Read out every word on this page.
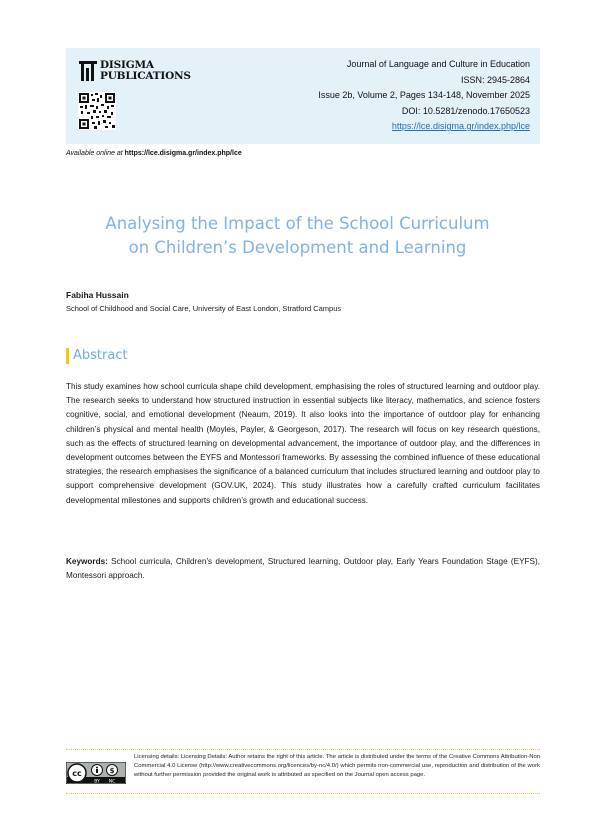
DISIGMA
PUBLICATIONS
Journal of Language and Culture in Education
ISSN: 2945-2864
Issue 2b, Volume 2, Pages 134-148, November 2025
DOI: 10.5281/zenodo.17650523
https://lce.disigma.gr/index.php/lce
Available online at https://lce.disigma.gr/index.php/lce
Analysing the Impact of the School Curriculum
on Children’s Development and Learning
Fabiha Hussain
School of Childhood and Social Care, University of East London, Stratford Campus
Abstract
This study examines how school curricula shape child development, emphasising the roles of structured learning and outdoor play. The research seeks to understand how structured instruction in essential subjects like literacy, mathematics, and science fosters cognitive, social, and emotional development (Neaum, 2019). It also looks into the importance of outdoor play for enhancing children’s physical and mental health (Moyles, Payler, & Georgeson, 2017). The research will focus on key research questions, such as the effects of structured learning on developmental advancement, the importance of outdoor play, and the differences in development outcomes between the EYFS and Montessori frameworks. By assessing the combined influence of these educational strategies, the research emphasises the significance of a balanced curriculum that includes structured learning and outdoor play to support comprehensive development (GOV.UK, 2024). This study illustrates how a carefully crafted curriculum facilitates developmental milestones and supports children’s growth and educational success.
Keywords: School curricula, Children’s development, Structured learning, Outdoor play, Early Years Foundation Stage (EYFS), Montessori approach.
cc	$
BY NC
Licensing details: Licensing Details: Author retains the right of this article. The article is distributed under the terms of the Creative Commons Attribution-Non Commercial 4.0 License (http://www.creativecommons.org/licences/by-nc/4.0/) which permits non-commercial use, reproduction and distribution of the work without further permission provided the original work is attributed as specified on the Journal open access page.
